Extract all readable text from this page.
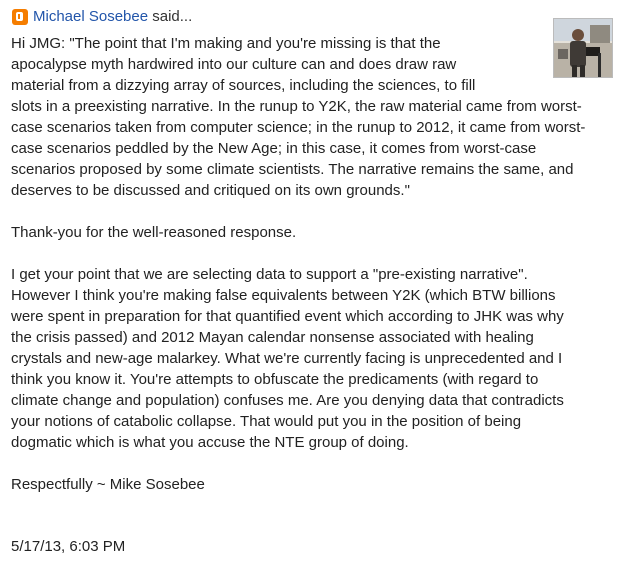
Michael Sosebee said...

Hi JMG: "The point that I'm making and you're missing is that the

apocalypse myth hardwired into our culture can and does draw raw

material from a dizzying array of sources, including the sciences, to fill

slots in a preexisting narrative. In the runup to Y2K, the raw material came from worst-

case scenarios taken from computer science; in the runup to 2012, it came from worst-

case scenarios peddled by the New Age; in this case, it comes from worst-case

scenarios proposed by some climate scientists. The narrative remains the same, and

deserves to be discussed and critiqued on its own grounds."

Thank-you for the well-reasoned response.

I get your point that we are selecting data to support a "pre-existing narrative".

However I think you're making false equivalents between Y2K (which BTW billions

were spent in preparation for that quantified event which according to JHK was why

the crisis passed) and 2012 Mayan calendar nonsense associated with healing

crystals and new-age malarkey. What we're currently facing is unprecedented and I

think you know it. You're attempts to obfuscate the predicaments (with regard to

climate change and population) confuses me. Are you denying data that contradicts

your notions of catabolic collapse. That would put you in the position of being

dogmatic which is what you accuse the NTE group of doing.

Respectfully ~ Mike Sosebee

5/17/13, 6:03 PM
